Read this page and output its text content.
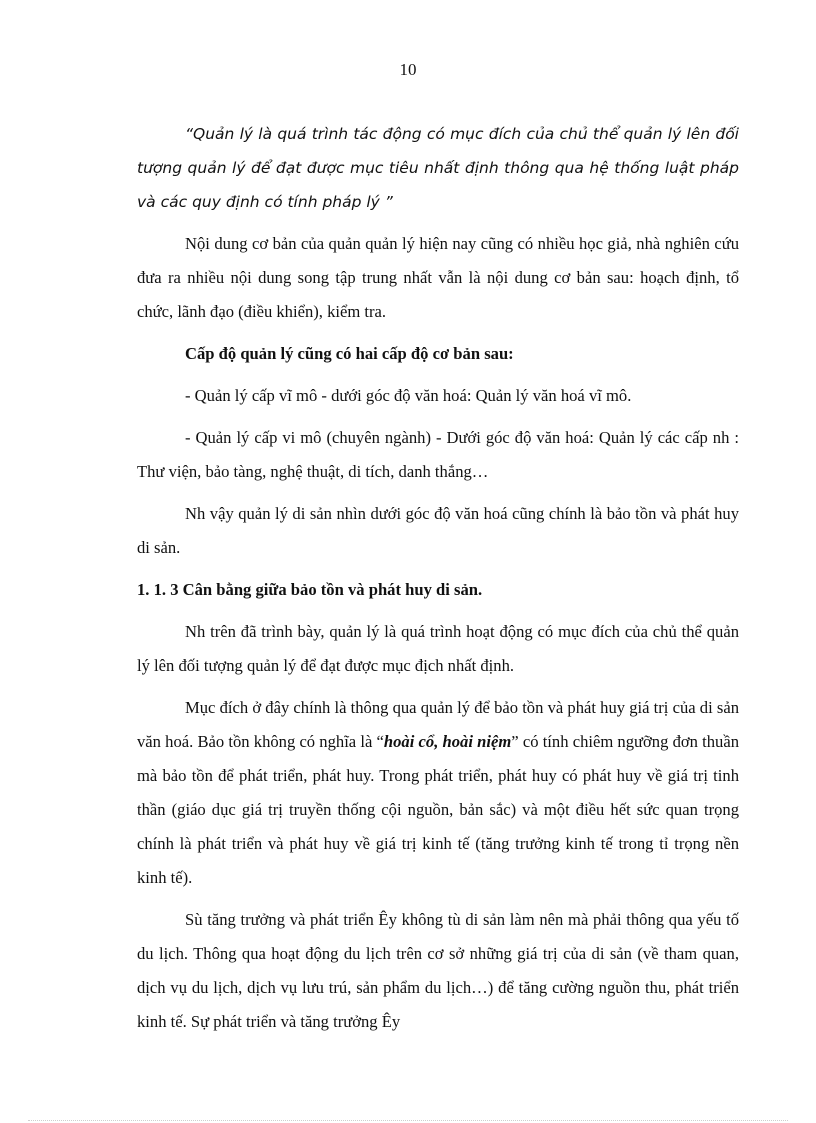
10

“Quản lý là quá trình tác động có mục đích của chủ thể quản lý lên đối tượng quản lý để đạt được mục tiêu nhất định thông qua hệ thống luật pháp và các quy định có tính pháp lý ”

Nội dung cơ bản của quản quản lý hiện nay cũng có nhiều học giả, nhà nghiên cứu đưa ra nhiều nội dung song tập trung nhất vẫn là nội dung cơ bản sau: hoạch định, tổ chức, lãnh đạo (điều khiển), kiểm tra.

Cấp độ quản lý cũng có hai cấp độ cơ bản sau:

- Quản lý cấp vĩ mô - dưới góc độ văn hoá: Quản lý văn hoá vĩ mô.

- Quản lý cấp vi mô (chuyên ngành) - Dưới góc độ văn hoá: Quản lý các cấp nh : Thư viện, bảo tàng, nghệ thuật, di tích, danh thắng…

Nh vậy quản lý di sản nhìn dưới góc độ văn hoá cũng chính là bảo tồn và phát huy di sản.

1. 1. 3 Cân bằng giữa bảo tồn và phát huy di sản.

Nh trên đã trình bày, quản lý là quá trình hoạt động có mục đích của chủ thể quản lý lên đối tượng quản lý để đạt được mục địch nhất định.

Mục đích ở đây chính là thông qua quản lý để bảo tồn và phát huy giá trị của di sản văn hoá. Bảo tồn không có nghĩa là “hoài cổ, hoài niệm” có tính chiêm ngưỡng đơn thuần mà bảo tồn để phát triển, phát huy. Trong phát triển, phát huy có phát huy về giá trị tinh thần (giáo dục giá trị truyền thống cội nguồn, bản sắc) và một điều hết sức quan trọng chính là phát triển và phát huy về giá trị kinh tế (tăng trưởng kinh tế trong tỉ trọng nền kinh tế).

Sù tăng trưởng và phát triển Êy không tù di sản làm nên mà phải thông qua yếu tố du lịch. Thông qua hoạt động du lịch trên cơ sở những giá trị của di sản (về tham quan, dịch vụ du lịch, dịch vụ lưu trú, sản phẩm du lịch…) để tăng cường nguồn thu, phát triển kinh tế. Sự phát triển và tăng trưởng Êy
